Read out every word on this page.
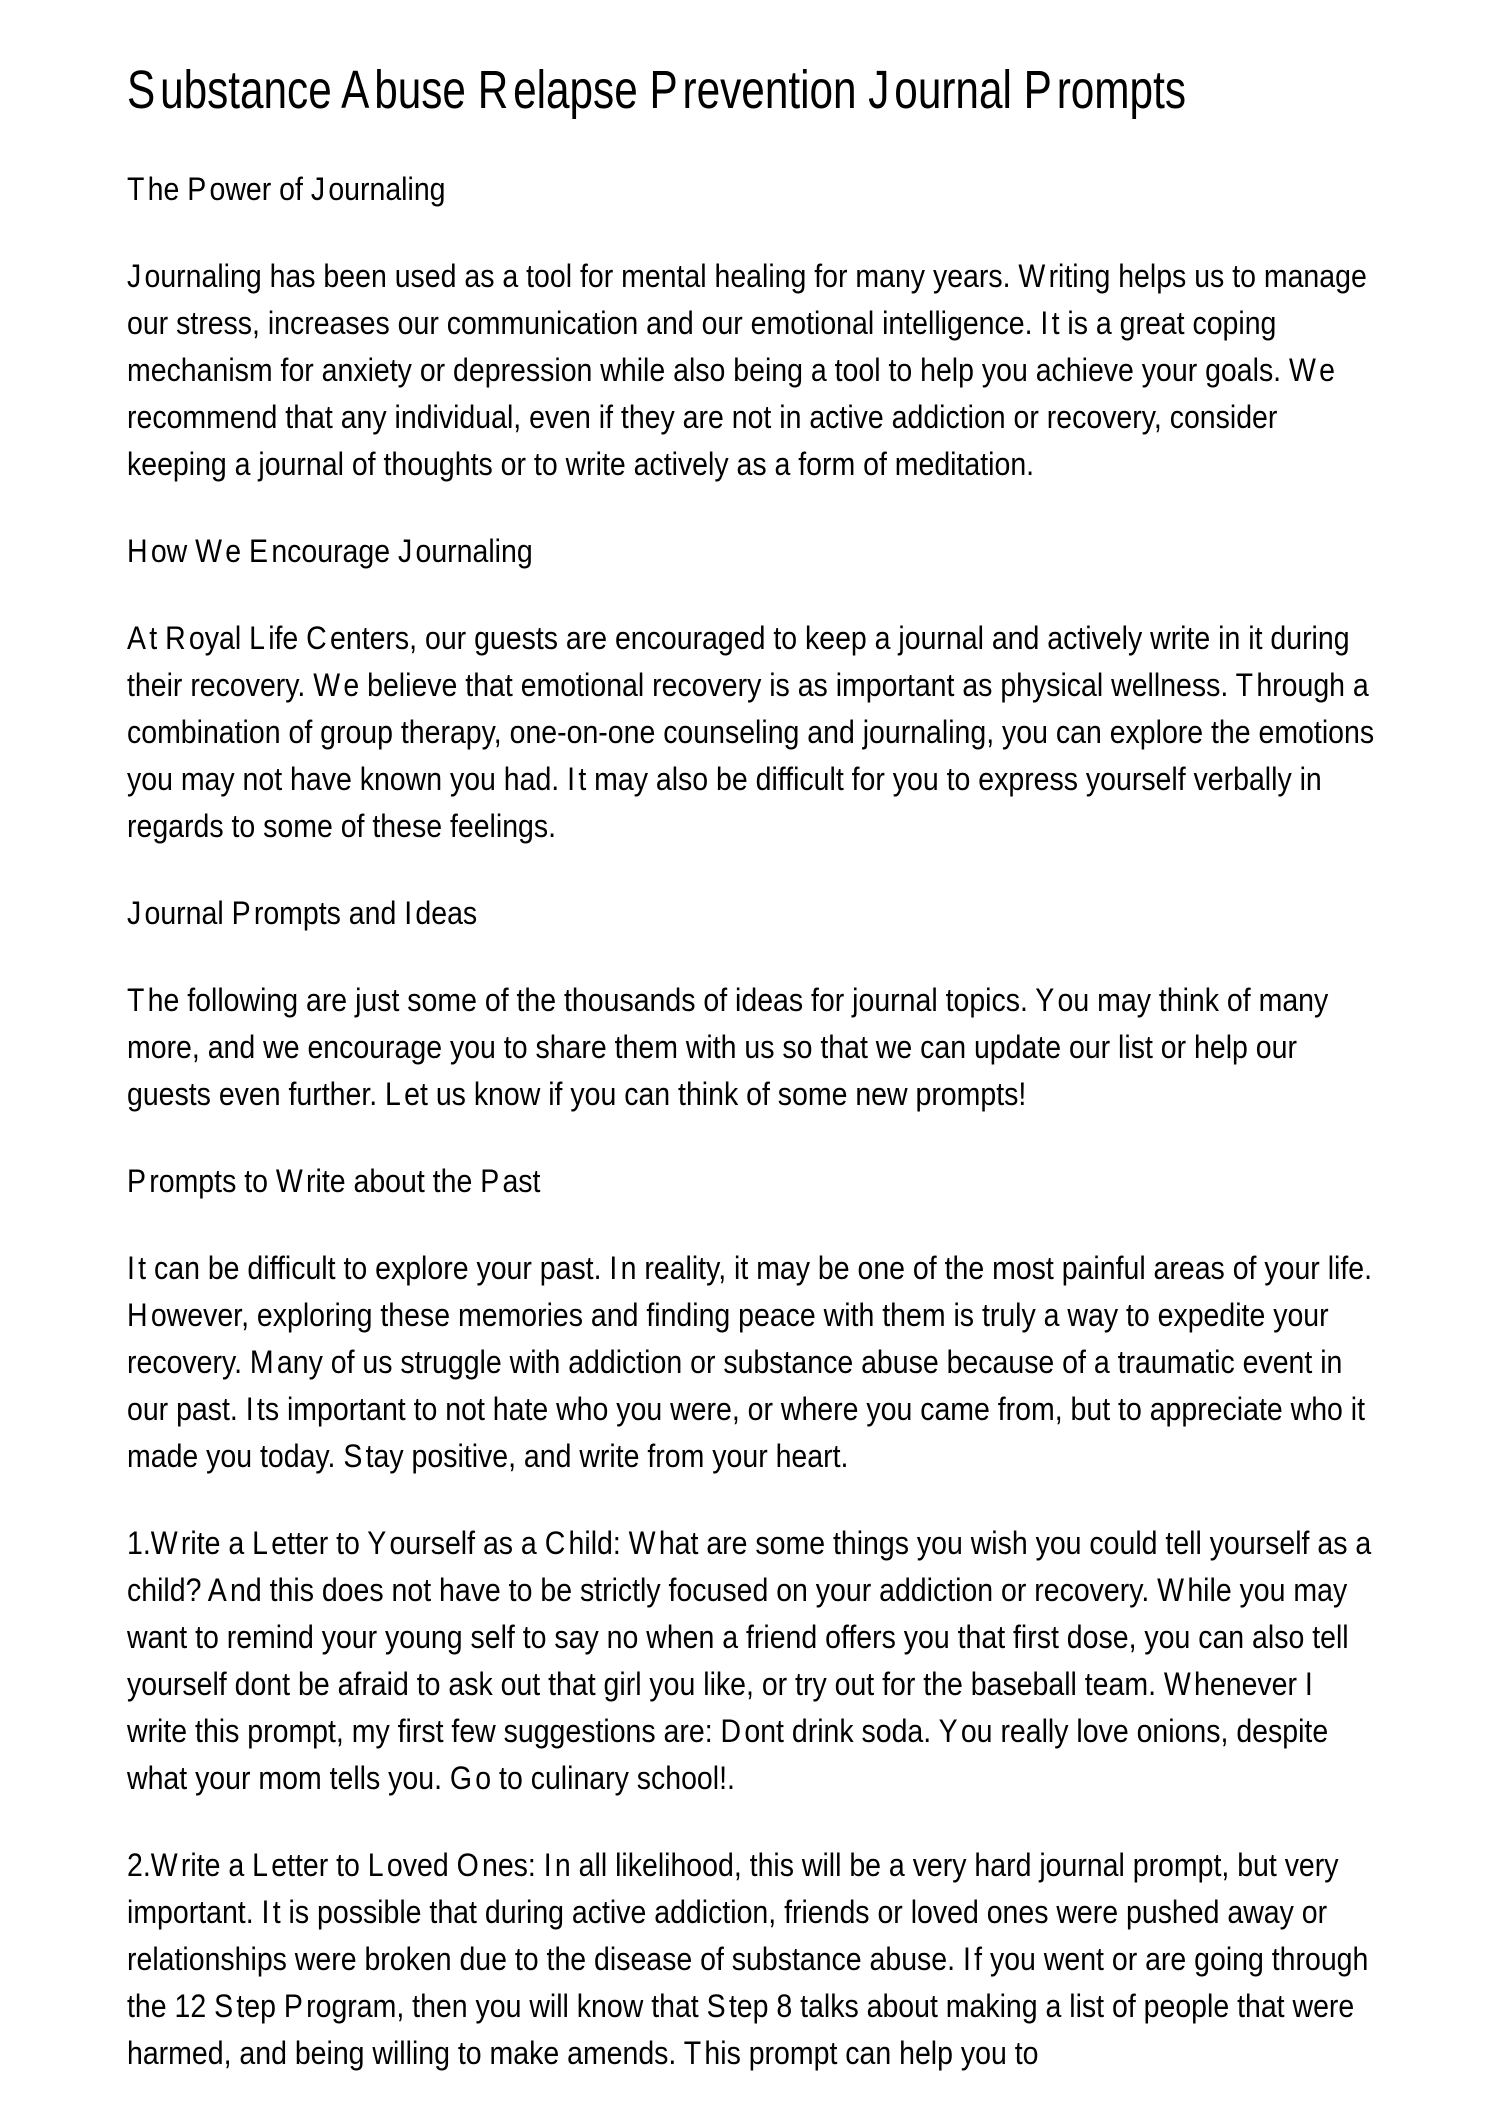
Substance Abuse Relapse Prevention Journal Prompts
T he P ower of J ournaling

J ournaling has been used as a tool for mental healing for many years. W riting helps us to manage our stress, increases our communication and our emotional intelligence. I t is a great coping mechanism for anxiety or depression while also being a tool to help you achieve your goals. W e recommend that any individual, even if they are not in active addiction or recovery, consider keeping a journal of thoughts or to write actively as a form of meditation.

H ow W e E ncourage J ournaling

A t R oyal L ife C enters, our guests are encouraged to keep a journal and actively write in it during their recovery. W e believe that emotional recovery is as important as physical wellness. T hrough a combination of group therapy, one-on-one counseling and journaling, you can explore the emotions you may not have known you had. I t may also be difficult for you to express yourself verbally in regards to some of these feelings.

J ournal P rompts and I deas

T he following are just some of the thousands of ideas for journal topics. Y ou may think of many more, and we encourage you to share them with us so that we can update our list or help our guests even further. L et us know if you can think of some new prompts!

P rompts to W rite about the P ast

I t can be difficult to explore your past. I n reality, it may be one of the most painful areas of your life. H owever, exploring these memories and finding peace with them is truly a way to expedite your recovery. M any of us struggle with addiction or substance abuse because of a traumatic event in our past. I ts important to not hate who you were, or where you came from, but to appreciate who it made you today. S tay positive, and write from your heart.

1.W rite a L etter to Y ourself as a C hild: W hat are some things you wish you could tell yourself as a child? A nd this does not have to be strictly focused on your addiction or recovery. W hile you may want to remind your young self to say no when a friend offers you that first dose, you can also tell yourself dont be afraid to ask out that girl you like, or try out for the baseball team. W henever I write this prompt, my first few suggestions are: D ont drink soda. Y ou really love onions, despite what your mom tells you. G o to culinary school!.

2.W rite a L etter to L oved O nes: I n all likelihood, this will be a very hard journal prompt, but very important. I t is possible that during active addiction, friends or loved ones were pushed away or relationships were broken due to the disease of substance abuse. I f you went or are going through the 12 S tep P rogram, then you will know that S tep 8 talks about making a list of people that were harmed, and being willing to make amends. T his prompt can help you to
